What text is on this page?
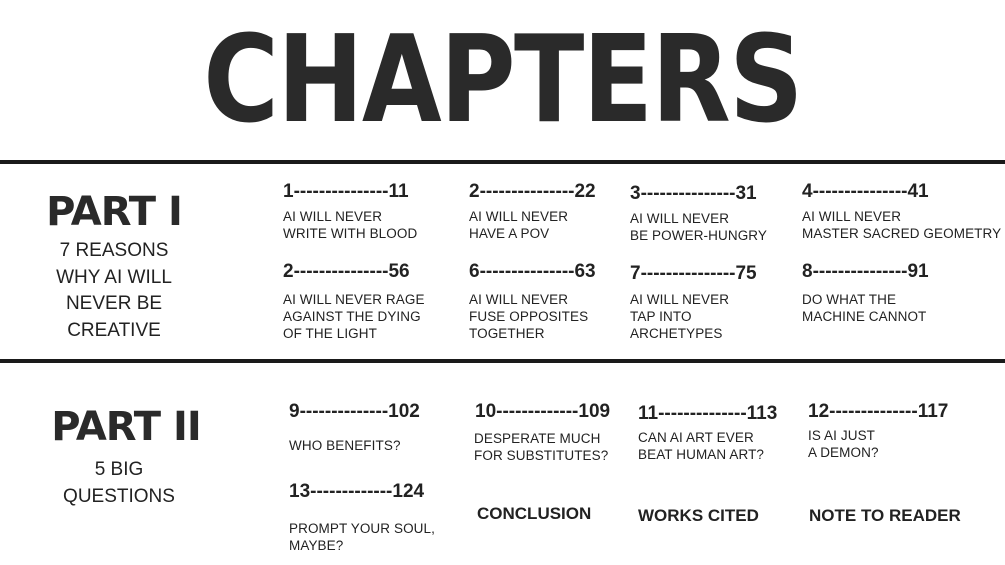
CHAPTERS
PART I
7 REASONS
WHY AI WILL
NEVER BE
CREATIVE
1---------------11
AI WILL NEVER
WRITE WITH BLOOD
2---------------22
AI WILL NEVER
HAVE A POV
3---------------31
AI WILL NEVER
BE POWER-HUNGRY
4---------------41
AI WILL NEVER
MASTER SACRED GEOMETRY
2---------------56
AI WILL NEVER RAGE
AGAINST THE DYING
OF THE LIGHT
6---------------63
AI WILL NEVER
FUSE OPPOSITES
TOGETHER
7---------------75
AI WILL NEVER
TAP INTO
ARCHETYPES
8---------------91
DO WHAT THE
MACHINE CANNOT
PART II
5 BIG
QUESTIONS
9--------------102
WHO BENEFITS?
10-------------109
DESPERATE MUCH
FOR SUBSTITUTES?
11--------------113
CAN AI ART EVER
BEAT HUMAN ART?
12--------------117
IS AI JUST
A DEMON?
13-------------124
PROMPT YOUR SOUL,
MAYBE?
CONCLUSION	WORKS CITED	NOTE TO READER
